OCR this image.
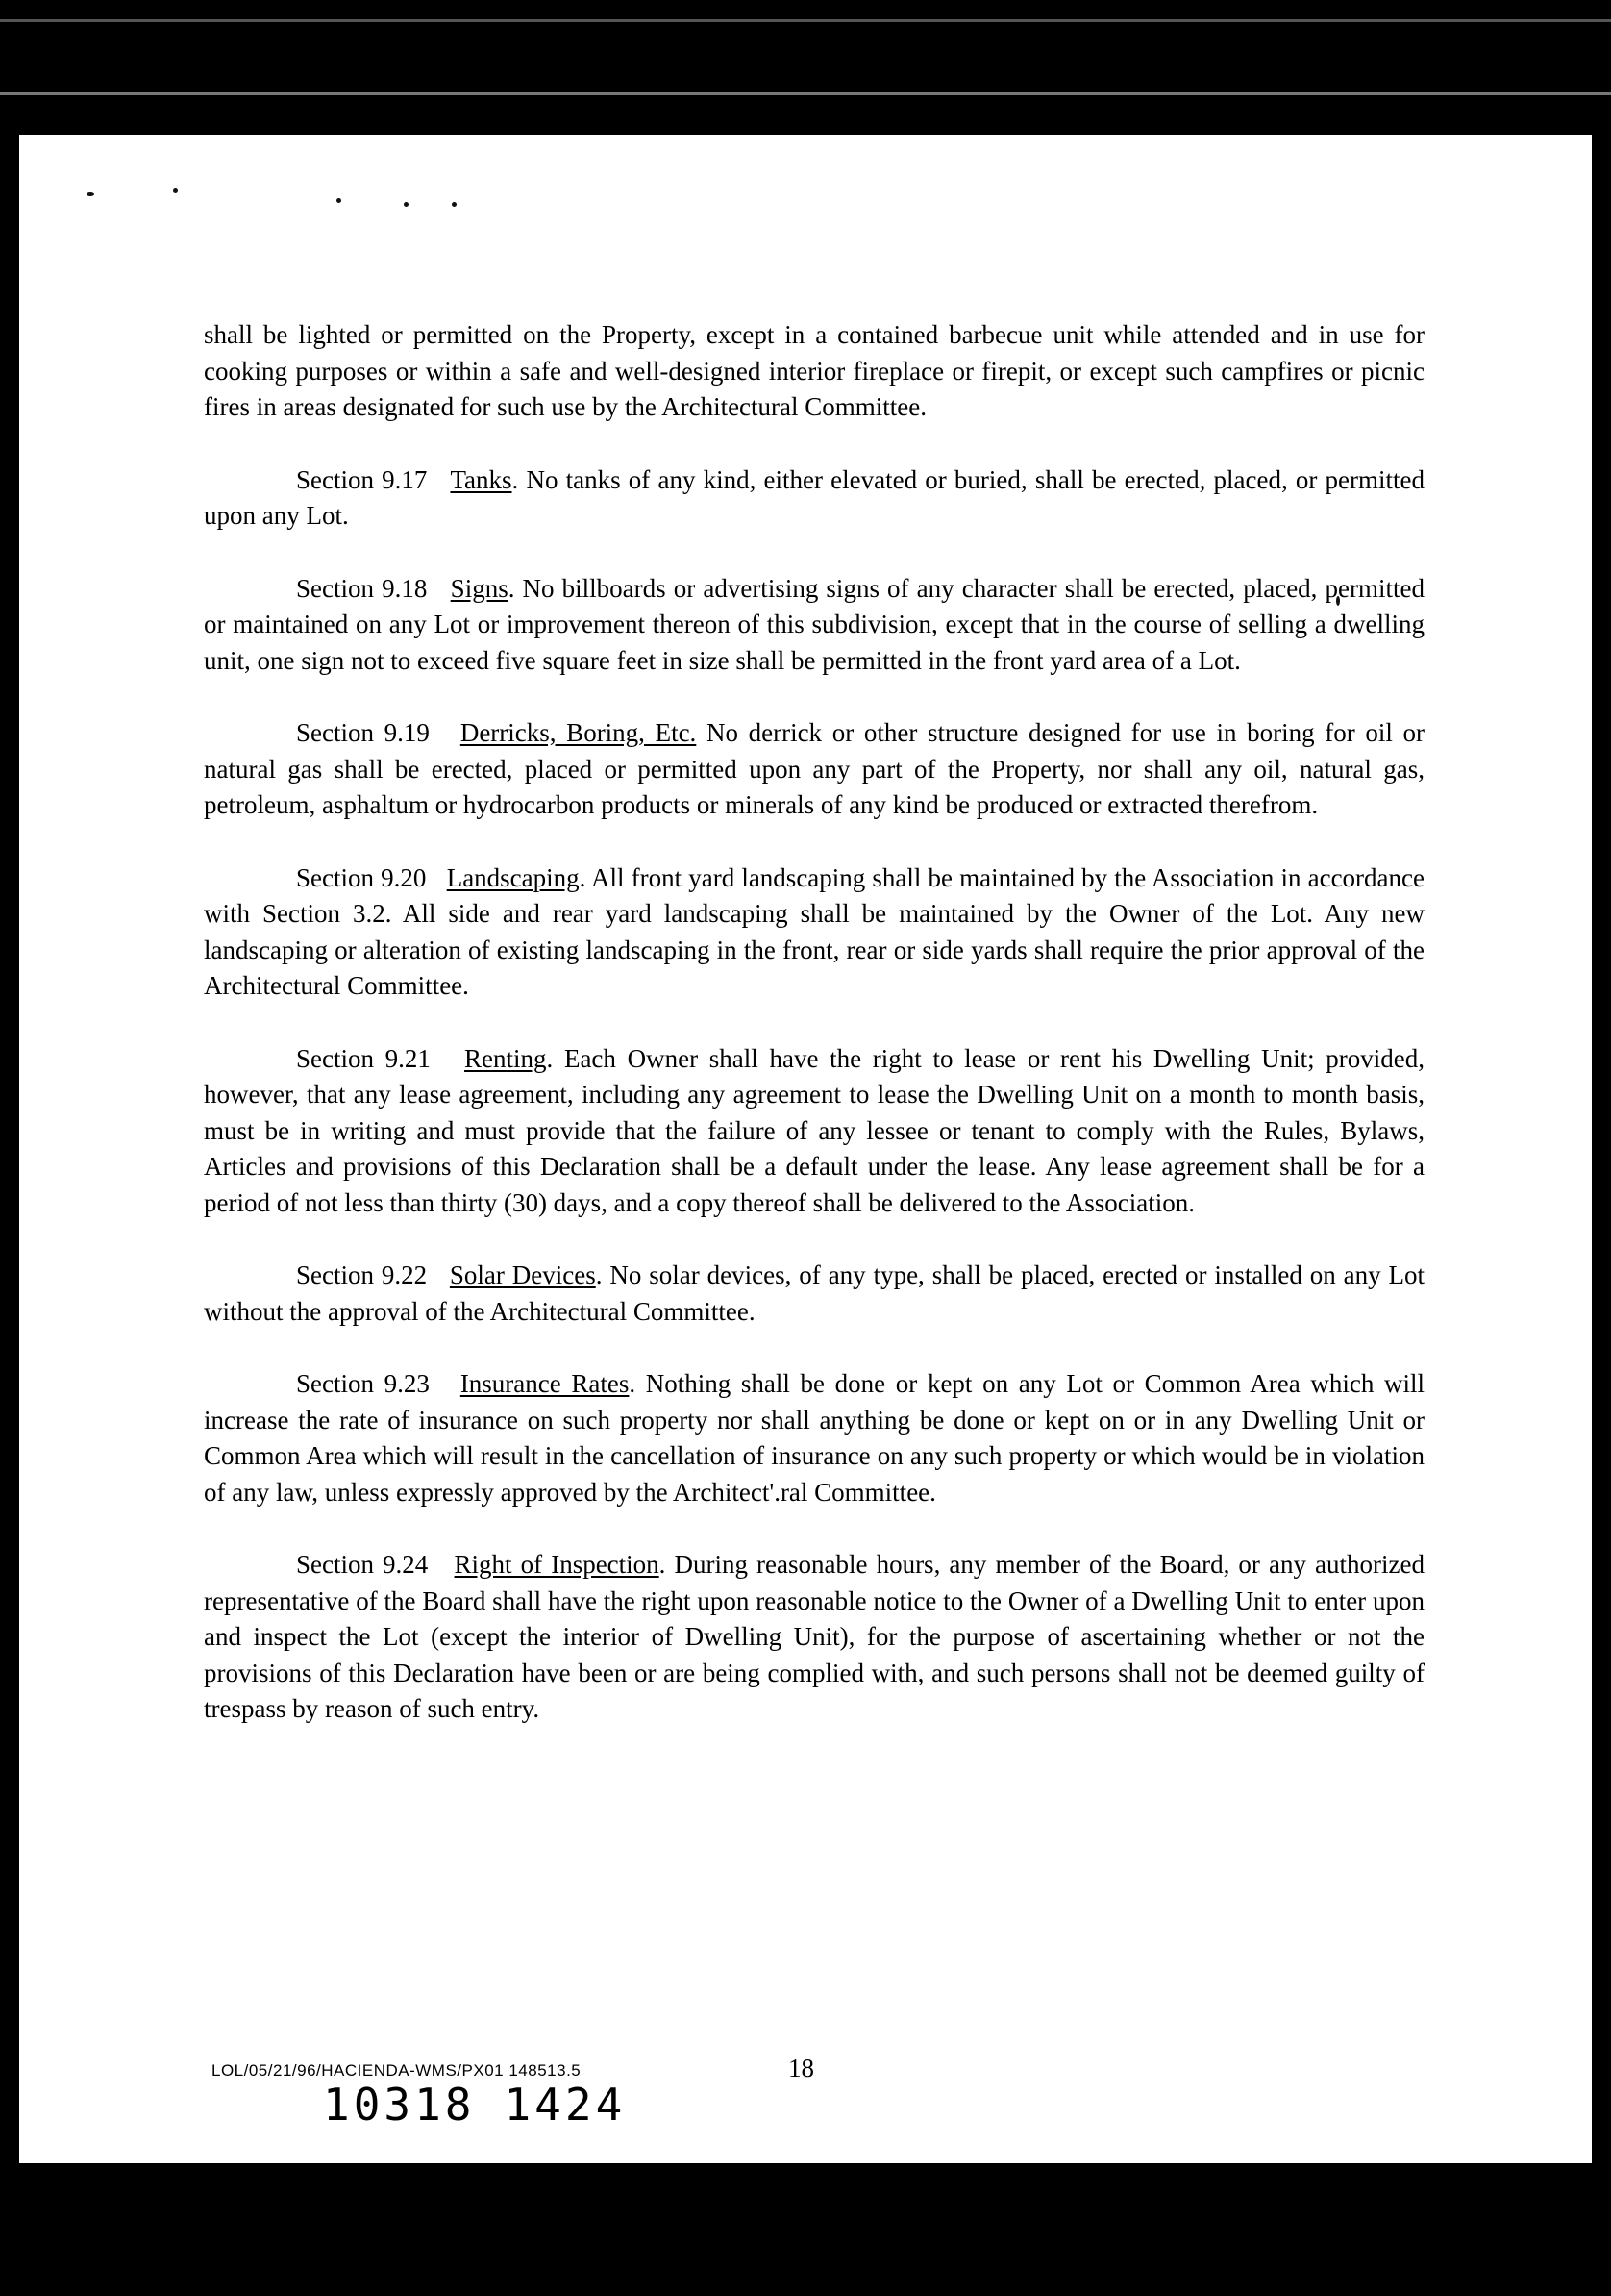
shall be lighted or permitted on the Property, except in a contained barbecue unit while attended and in use for cooking purposes or within a safe and well-designed interior fireplace or firepit, or except such campfires or picnic fires in areas designated for such use by the Architectural Committee.

Section 9.17 Tanks. No tanks of any kind, either elevated or buried, shall be erected, placed, or permitted upon any Lot.

Section 9.18 Signs. No billboards or advertising signs of any character shall be erected, placed, permitted or maintained on any Lot or improvement thereon of this subdivision, except that in the course of selling a dwelling unit, one sign not to exceed five square feet in size shall be permitted in the front yard area of a Lot.

Section 9.19 Derricks, Boring, Etc. No derrick or other structure designed for use in boring for oil or natural gas shall be erected, placed or permitted upon any part of the Property, nor shall any oil, natural gas, petroleum, asphaltum or hydrocarbon products or minerals of any kind be produced or extracted therefrom.

Section 9.20 Landscaping. All front yard landscaping shall be maintained by the Association in accordance with Section 3.2. All side and rear yard landscaping shall be maintained by the Owner of the Lot. Any new landscaping or alteration of existing landscaping in the front, rear or side yards shall require the prior approval of the Architectural Committee.

Section 9.21 Renting. Each Owner shall have the right to lease or rent his Dwelling Unit; provided, however, that any lease agreement, including any agreement to lease the Dwelling Unit on a month to month basis, must be in writing and must provide that the failure of any lessee or tenant to comply with the Rules, Bylaws, Articles and provisions of this Declaration shall be a default under the lease. Any lease agreement shall be for a period of not less than thirty (30) days, and a copy thereof shall be delivered to the Association.

Section 9.22 Solar Devices. No solar devices, of any type, shall be placed, erected or installed on any Lot without the approval of the Architectural Committee.

Section 9.23 Insurance Rates. Nothing shall be done or kept on any Lot or Common Area which will increase the rate of insurance on such property nor shall anything be done or kept on or in any Dwelling Unit or Common Area which will result in the cancellation of insurance on any such property or which would be in violation of any law, unless expressly approved by the Architect'.ral Committee.

Section 9.24 Right of Inspection. During reasonable hours, any member of the Board, or any authorized representative of the Board shall have the right upon reasonable notice to the Owner of a Dwelling Unit to enter upon and inspect the Lot (except the interior of Dwelling Unit), for the purpose of ascertaining whether or not the provisions of this Declaration have been or are being complied with, and such persons shall not be deemed guilty of trespass by reason of such entry.

LOL/05/21/96/HACIENDA-WMS/PX01 148513.5	18
10318 1424
